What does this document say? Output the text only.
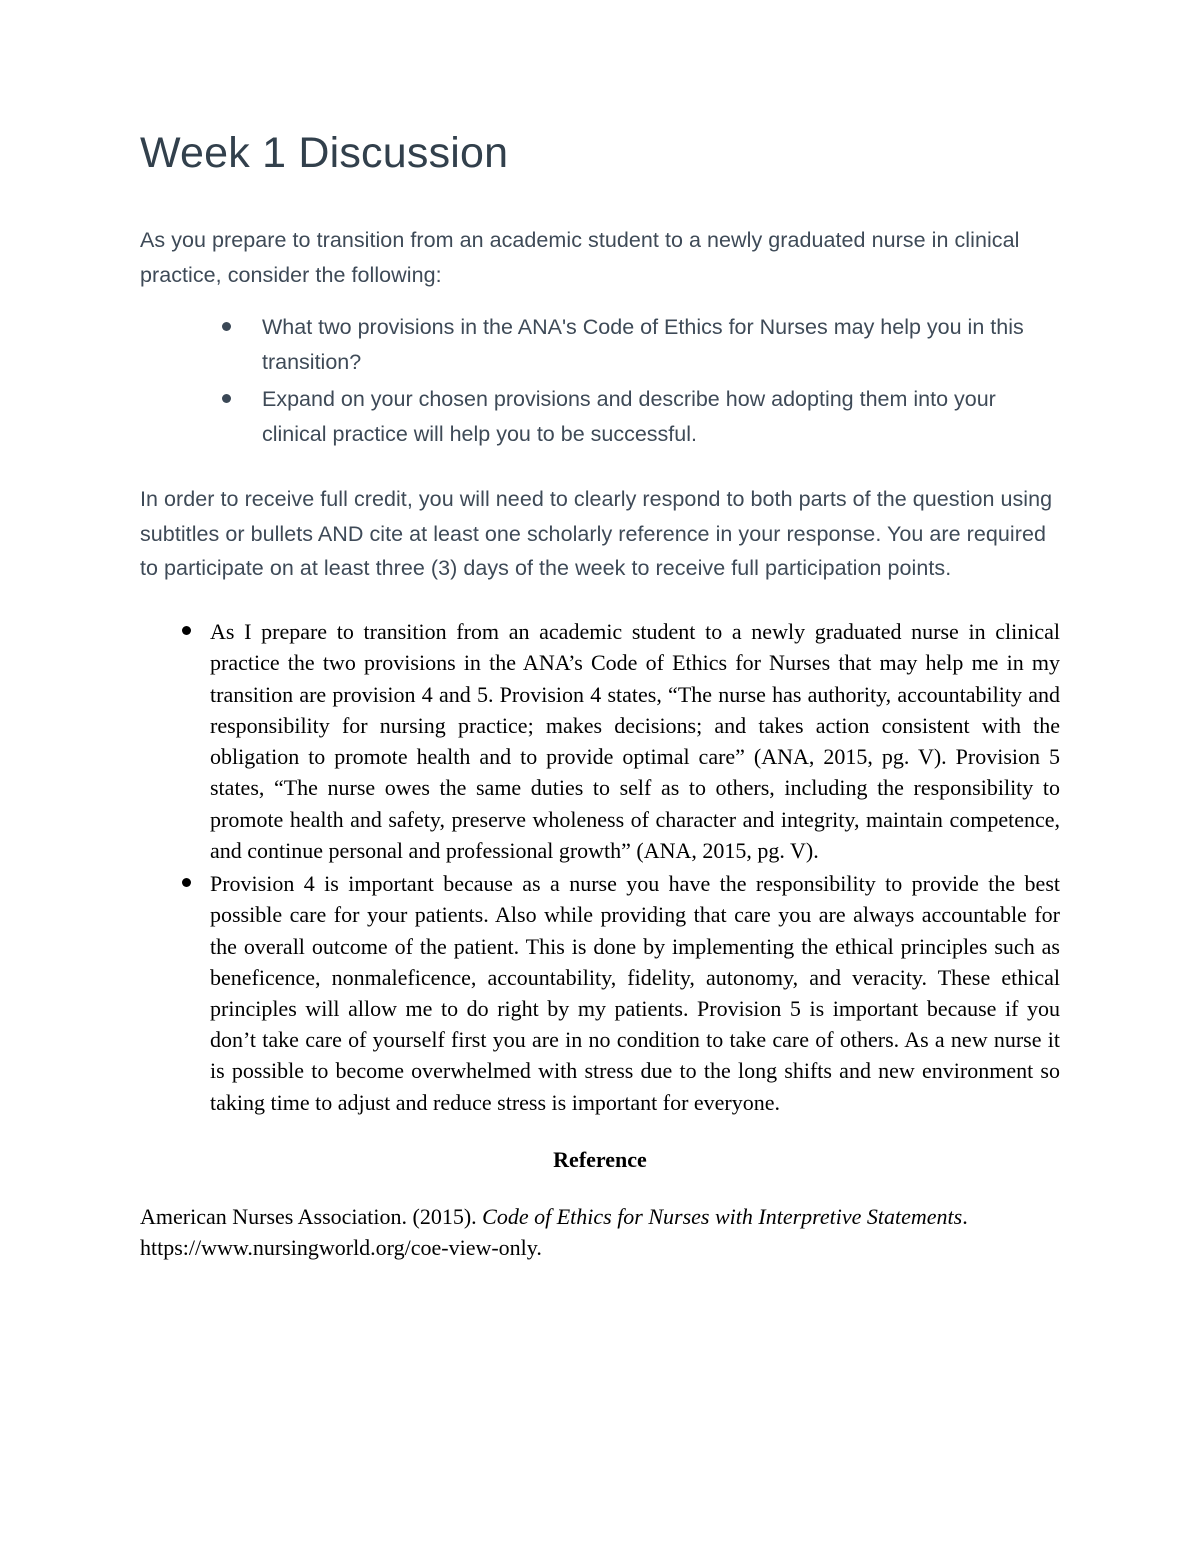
Week 1 Discussion

As you prepare to transition from an academic student to a newly graduated nurse in clinical practice, consider the following:

What two provisions in the ANA's Code of Ethics for Nurses may help you in this transition?
Expand on your chosen provisions and describe how adopting them into your clinical practice will help you to be successful.

In order to receive full credit, you will need to clearly respond to both parts of the question using subtitles or bullets AND cite at least one scholarly reference in your response. You are required to participate on at least three (3) days of the week to receive full participation points.

As I prepare to transition from an academic student to a newly graduated nurse in clinical practice the two provisions in the ANA’s Code of Ethics for Nurses that may help me in my transition are provision 4 and 5. Provision 4 states, “The nurse has authority, accountability and responsibility for nursing practice; makes decisions; and takes action consistent with the obligation to promote health and to provide optimal care” (ANA, 2015, pg. V). Provision 5 states, “The nurse owes the same duties to self as to others, including the responsibility to promote health and safety, preserve wholeness of character and integrity, maintain competence, and continue personal and professional growth” (ANA, 2015, pg. V).
Provision 4 is important because as a nurse you have the responsibility to provide the best possible care for your patients. Also while providing that care you are always accountable for the overall outcome of the patient. This is done by implementing the ethical principles such as beneficence, nonmaleficence, accountability, fidelity, autonomy, and veracity. These ethical principles will allow me to do right by my patients. Provision 5 is important because if you don’t take care of yourself first you are in no condition to take care of others. As a new nurse it is possible to become overwhelmed with stress due to the long shifts and new environment so taking time to adjust and reduce stress is important for everyone.

Reference

American Nurses Association. (2015). Code of Ethics for Nurses with Interpretive Statements. https://www.nursingworld.org/coe-view-only.
